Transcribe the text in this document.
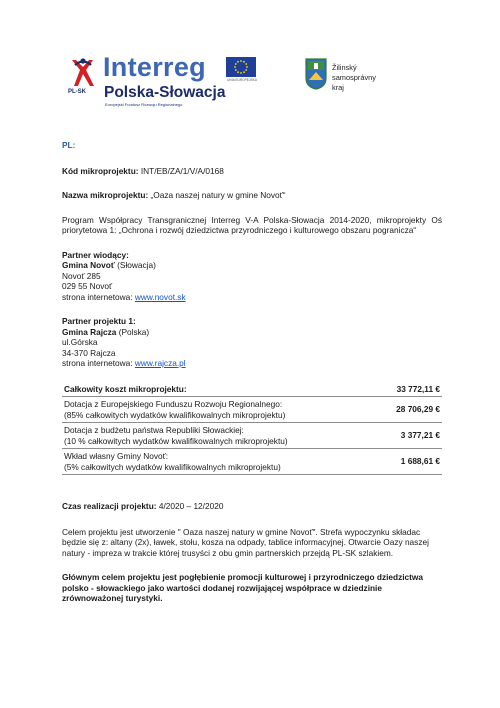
PL-SK
Interreg
Polska-Słowacja
Europejski Fundusz Rozwoju Regionalnego
UNIA EUROPEJSKA
Žilinský
samosprávny
kraj

PL:

Kód mikroprojektu: INT/EB/ZA/1/V/A/0168

Nazwa mikroprojektu: „Oaza naszej natury w gmine Novoť“

Program Współpracy Transgranicznej Interreg V-A Polska-Słowacja 2014-2020, mikroprojekty Oś priorytetowa 1: „Ochrona i rozwój dziedzictwa przyrodniczego i kulturowego obszaru pogranicza“

Partner wiodący:

Gmina Novoť (Słowacja)

Novoť 285

029 55 Novoť

strona internetowa: www.novot.sk

Partner projektu 1:

Gmina Rajcza (Polska)

ul.Górska

34-370 Rajcza

strona internetowa: www.rajcza.pl

Całkowity koszt mikroprojektu:	33 772,11 €

Dotacja z Europejskiego Funduszu Rozwoju Regionalnego:
(85% całkowitych wydatków kwalifikowalnych mikroprojektu)	28 706,29 €

Dotacja z budżetu państwa Republiki Słowackiej:
(10 % całkowitych wydatków kwalifikowalnych mikroprojektu)	3 377,21 €

Wkład własny Gminy Novoť:
(5% całkowitych wydatków kwalifikowalnych mikroprojektu)	1 688,61 €

Czas realizacji projektu: 4/2020 – 12/2020

Celem projektu jest utworzenie " Oaza naszej natury w gmine Novoť". Strefa wypoczynku składac będzie się z: altany (2x), ławek, stołu, kosza na odpady, tablice informacyjnej. Otwarcie Oazy naszej natury - impreza w trakcie której trusyści z obu gmin partnerskich przejdą PL-SK szlakiem.

Głównym celem projektu jest pogłębienie promocji kulturowej i przyrodniczego dziedzictwa polsko - słowackiego jako wartości dodanej rozwijającej współprace w dziedzinie zrównoważonej turystyki.
